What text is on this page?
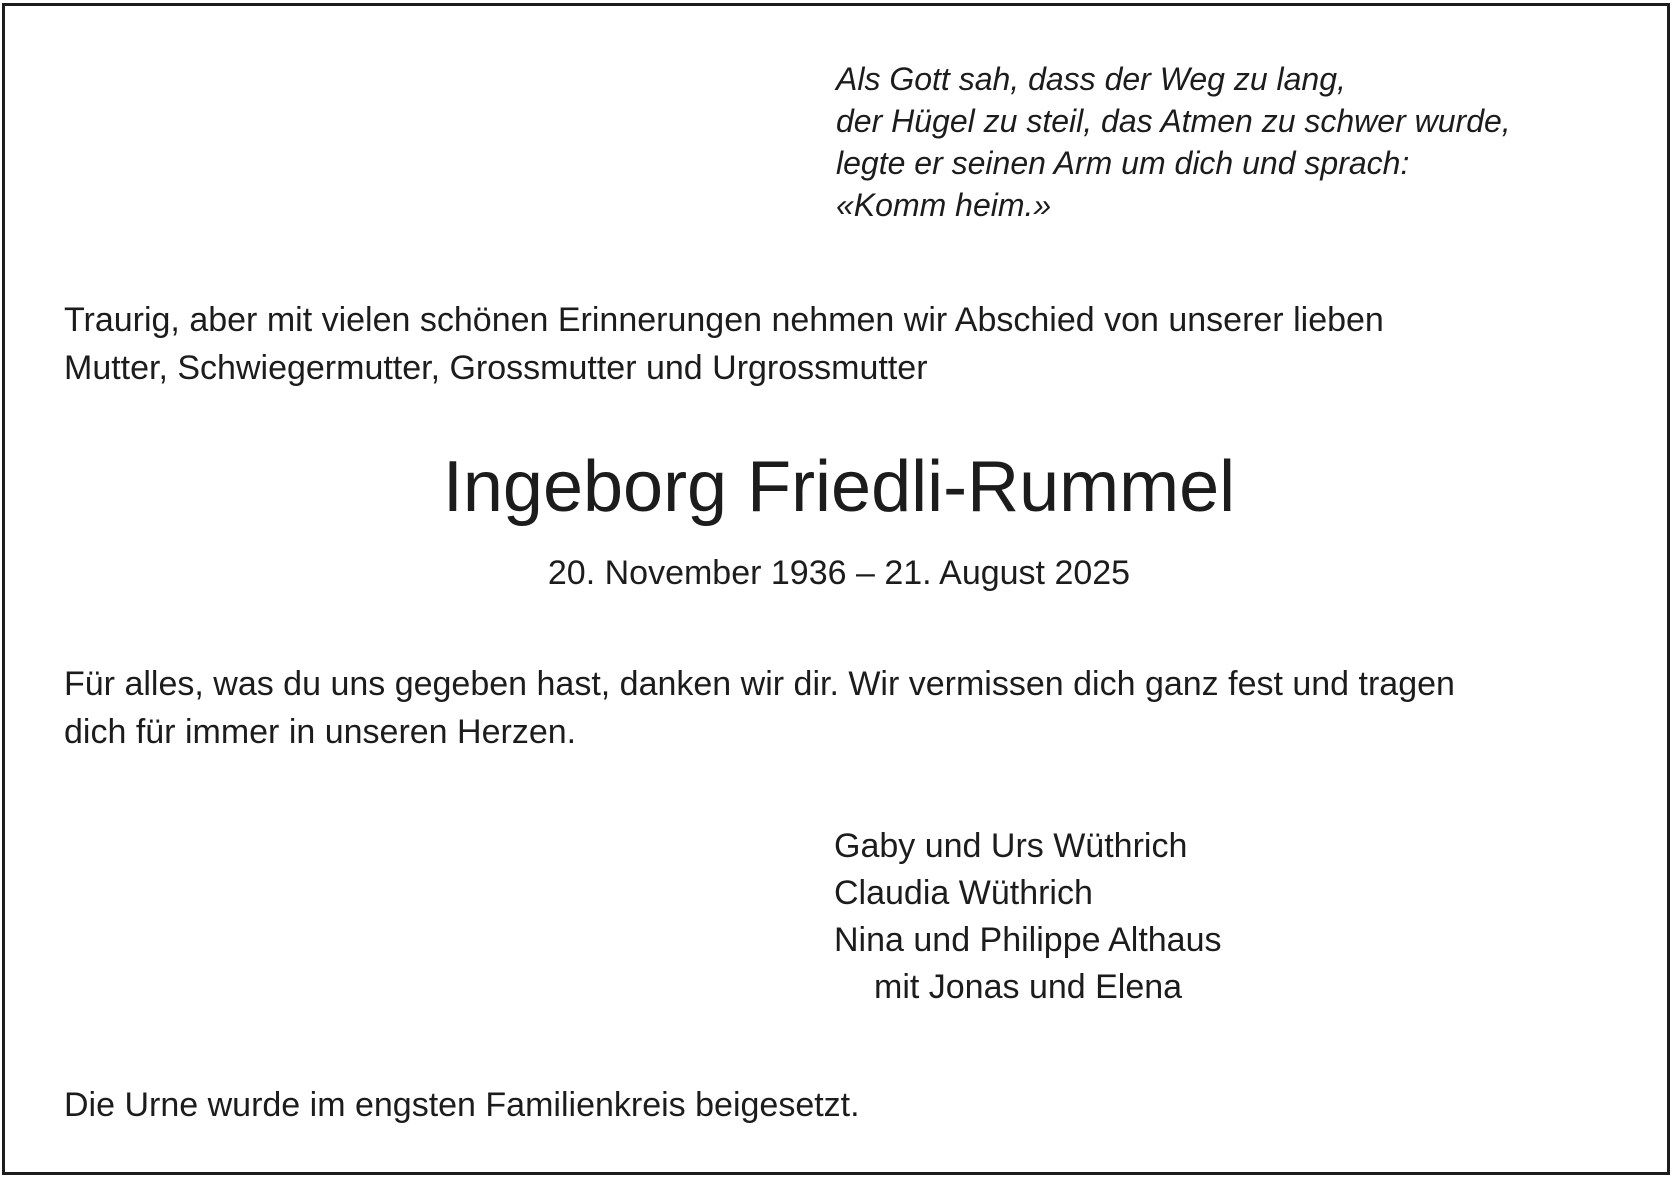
Als Gott sah, dass der Weg zu lang,
der Hügel zu steil, das Atmen zu schwer wurde,
legte er seinen Arm um dich und sprach:
«Komm heim.»
Traurig, aber mit vielen schönen Erinnerungen nehmen wir Abschied von unserer lieben
Mutter, Schwiegermutter, Grossmutter und Urgrossmutter
Ingeborg Friedli-Rummel
20. November 1936 – 21. August 2025
Für alles, was du uns gegeben hast, danken wir dir. Wir vermissen dich ganz fest und tragen
dich für immer in unseren Herzen.
Gaby und Urs Wüthrich
Claudia Wüthrich
Nina und Philippe Althaus
mit Jonas und Elena
Die Urne wurde im engsten Familienkreis beigesetzt.
